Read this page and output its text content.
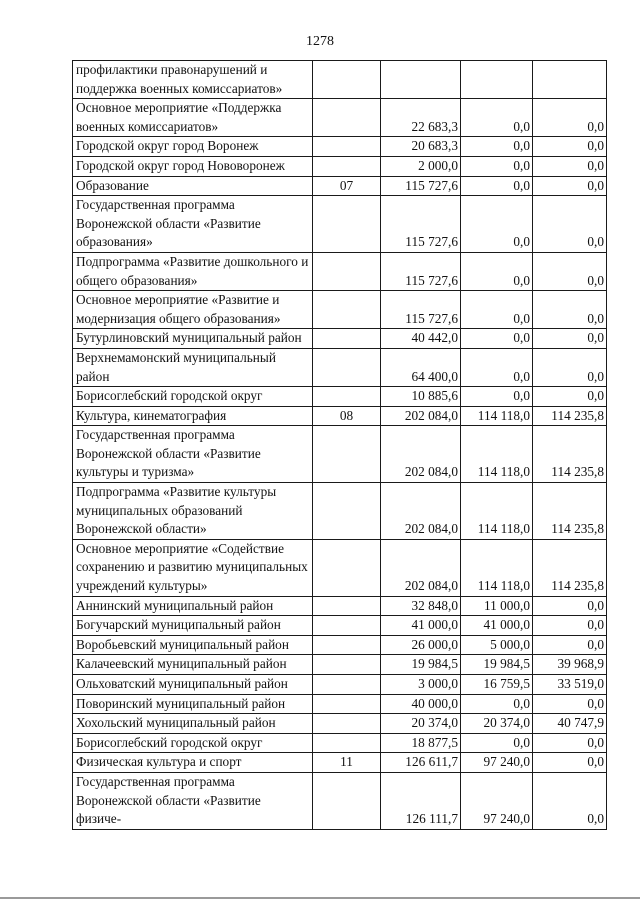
1278
профилактики правонарушений и поддержка военных комиссариатов»				
Основное мероприятие «Поддержка военных комиссариатов»		22 683,3	0,0	0,0
Городской округ город Воронеж		20 683,3	0,0	0,0
Городской округ город Нововоронеж		2 000,0	0,0	0,0
Образование	07	115 727,6	0,0	0,0
Государственная программа Воронежской области «Развитие образования»		115 727,6	0,0	0,0
Подпрограмма «Развитие дошкольного и общего образования»		115 727,6	0,0	0,0
Основное мероприятие «Развитие и модернизация общего образования»		115 727,6	0,0	0,0
Бутурлиновский муниципальный район		40 442,0	0,0	0,0
Верхнемамонский муниципальный район		64 400,0	0,0	0,0
Борисоглебский городской округ		10 885,6	0,0	0,0
Культура, кинематография	08	202 084,0	114 118,0	114 235,8
Государственная программа Воронежской области «Развитие культуры и туризма»		202 084,0	114 118,0	114 235,8
Подпрограмма «Развитие культуры муниципальных образований Воронежской области»		202 084,0	114 118,0	114 235,8
Основное мероприятие «Содействие сохранению и развитию муниципальных учреждений культуры»		202 084,0	114 118,0	114 235,8
Аннинский муниципальный район		32 848,0	11 000,0	0,0
Богучарский муниципальный район		41 000,0	41 000,0	0,0
Воробьевский муниципальный район		26 000,0	5 000,0	0,0
Калачеевский муниципальный район		19 984,5	19 984,5	39 968,9
Ольховатский муниципальный район		3 000,0	16 759,5	33 519,0
Поворинский муниципальный район		40 000,0	0,0	0,0
Хохольский муниципальный район		20 374,0	20 374,0	40 747,9
Борисоглебский городской округ		18 877,5	0,0	0,0
Физическая культура и спорт	11	126 611,7	97 240,0	0,0
Государственная программа Воронежской области «Развитие физиче-		126 111,7	97 240,0	0,0
